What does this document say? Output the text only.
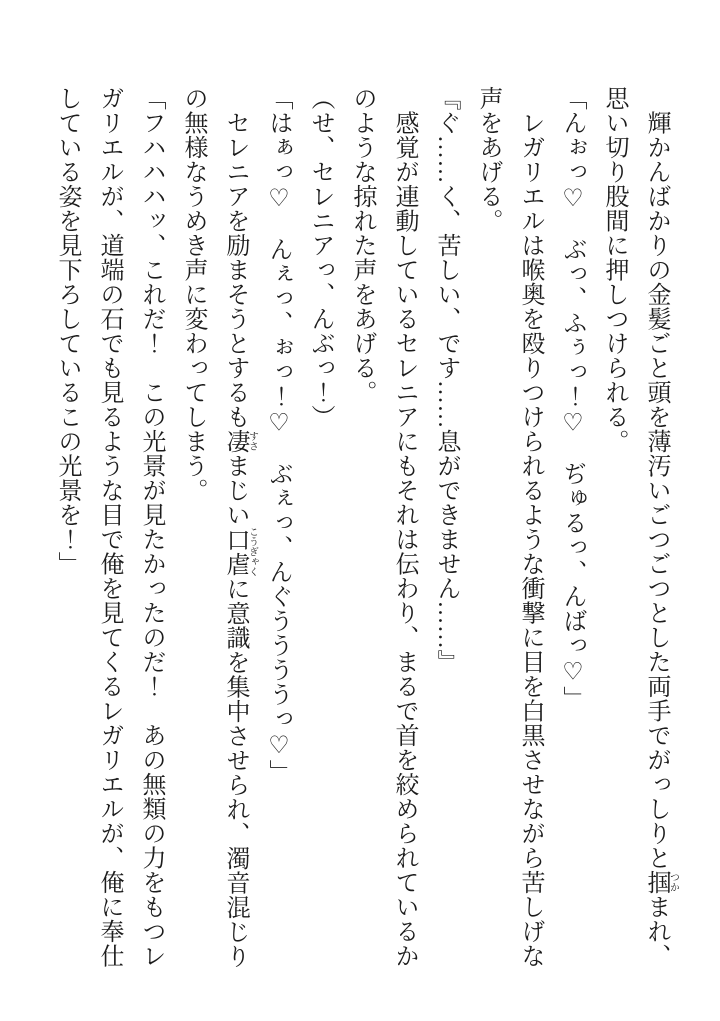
　輝かんばかりの金髪ごと頭を薄汚いごつごつとした両手でがっしりと掴つかまれ、

思い切り股間に押しつけられる。

「んぉっ♡　ぶっ、ふぅっ！♡　ぢゅるっ、んばっ♡」

　レガリエルは喉奥を殴りつけられるような衝撃に目を白黒させながら苦しげな

声をあげる。

『ぐ……く、苦しい、です……息ができません……』

　感覚が連動しているセレニアにもそれは伝わり、まるで首を絞められているか

のような掠れた声をあげる。

（せ、セレニアっ、んぶっ！）

「はぁっ♡　んぇっ、ぉっ！♡　ぶぇっ、んぐううううっ♡」

　セレニアを励まそうとするも凄すさまじい口虐こうぎゃくに意識を集中させられ、濁音混じり

の無様なうめき声に変わってしまう。

「フハハハッ、これだ！　この光景が見たかったのだ！　あの無類の力をもつレ

ガリエルが、道端の石でも見るような目で俺を見てくるレガリエルが、俺に奉仕

している姿を見下ろしているこの光景を！」
